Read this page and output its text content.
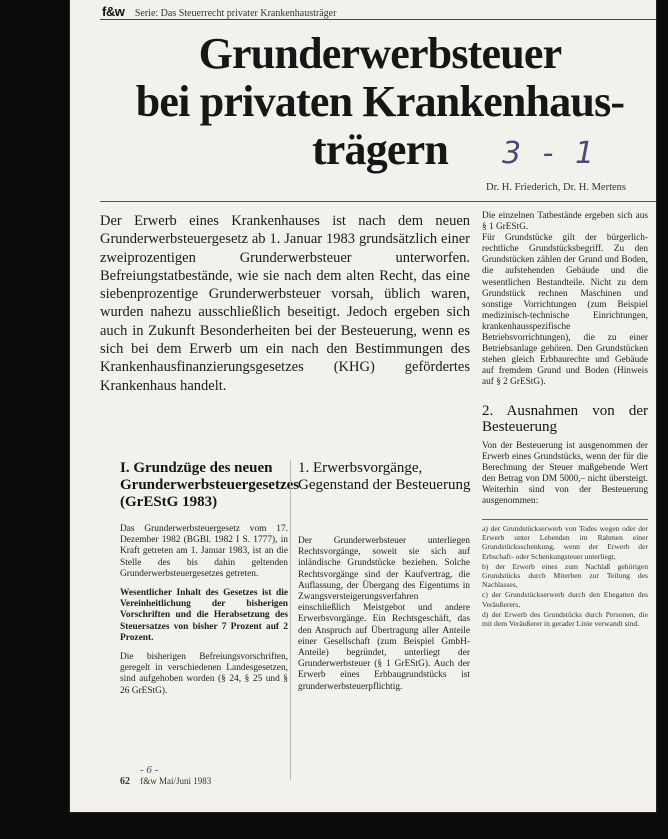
f&w Serie: Das Steuerrecht privater Krankenhausträger
Grunderwerbsteuer
bei privaten Krankenhaus-
trägern	3 - 1
Dr. H. Friederich, Dr. H. Mertens

Der Erwerb eines Krankenhauses ist nach dem neuen Grunderwerbsteuergesetz ab 1. Januar 1983 grundsätzlich einer zweiprozentigen Grunderwerbsteuer unterworfen. Befreiungstatbestände, wie sie nach dem alten Recht, das eine siebenprozentige Grunderwerbsteuer vorsah, üblich waren, wurden nahezu ausschließlich beseitigt. Jedoch ergeben sich auch in Zukunft Besonderheiten bei der Besteuerung, wenn es sich bei dem Erwerb um ein nach den Bestimmungen des Krankenhausfinanzierungsgesetzes (KHG) gefördertes Krankenhaus handelt.

Die einzelnen Tatbestände ergeben sich aus § 1 GrEStG.

Für Grundstücke gilt der bürgerlich-rechtliche Grundstücksbegriff. Zu den Grundstücken zählen der Grund und Boden, die aufstehenden Gebäude und die wesentlichen Bestandteile. Nicht zu dem Grundstück rechnen Maschinen und sonstige Vorrichtungen (zum Beispiel medizinisch-technische Einrichtungen, krankenhausspezifische Betriebsvorrichtungen), die zu einer Betriebsanlage gehören. Den Grundstücken stehen gleich Erbbaurechte und Gebäude auf fremdem Grund und Boden (Hinweis auf § 2 GrEStG).

2. Ausnahmen von der Besteuerung

Von der Besteuerung ist ausgenommen der Erwerb eines Grundstücks, wenn der für die Berechnung der Steuer maßgebende Wert den Betrag von DM 5000,– nicht übersteigt. Weiterhin sind von der Besteuerung ausgenommen:

a) der Grundstückserwerb von Todes wegen oder der Erwerb unter Lebenden im Rahmen einer Grundstücksschenkung, wenn der Erwerb der Erbschaft- oder Schenkungsteuer unterliegt,
b) der Erwerb eines zum Nachlaß gehörigen Grundstücks durch Miterben zur Teilung des Nachlasses,
c) der Grundstückserwerb durch den Ehegatten des Veräußerers,
d) der Erwerb des Grundstücks durch Personen, die mit dem Veräußerer in gerader Linie verwandt sind.
I. Grundzüge des neuen Grunderwerbsteuergesetzes (GrEStG 1983)

Das Grunderwerbsteuergesetz vom 17. Dezember 1982 (BGBl. 1982 I S. 1777), in Kraft getreten am 1. Januar 1983, ist an die Stelle des bis dahin geltenden Grunderwerbsteuergesetzes getreten.

Wesentlicher Inhalt des Gesetzes ist die Vereinheitlichung der bisherigen Vorschriften und die Herabsetzung des Steuersatzes von bisher 7 Prozent auf 2 Prozent.

Die bisherigen Befreiungsvorschriften, geregelt in verschiedenen Landesgesetzen, sind aufgehoben worden (§ 24, § 25 und § 26 GrEStG).

1. Erwerbsvorgänge, Gegenstand der Besteuerung

Der Grunderwerbsteuer unterliegen Rechtsvorgänge, soweit sie sich auf inländische Grundstücke beziehen. Solche Rechtsvorgänge sind der Kaufvertrag, die Auflassung, der Übergang des Eigentums in Zwangsversteigerungsverfahren einschließlich Meistgebot und andere Erwerbsvorgänge. Ein Rechtsgeschäft, das den Anspruch auf Übertragung aller Anteile einer Gesellschaft (zum Beispiel GmbH-Anteile) begründet, unterliegt der Grunderwerbsteuer (§ 1 GrEStG). Auch der Erwerb eines Erbbaugrundstücks ist grunderwerbsteuerpflichtig.

- 6 -
62 f&w Mai/Juni 1983
